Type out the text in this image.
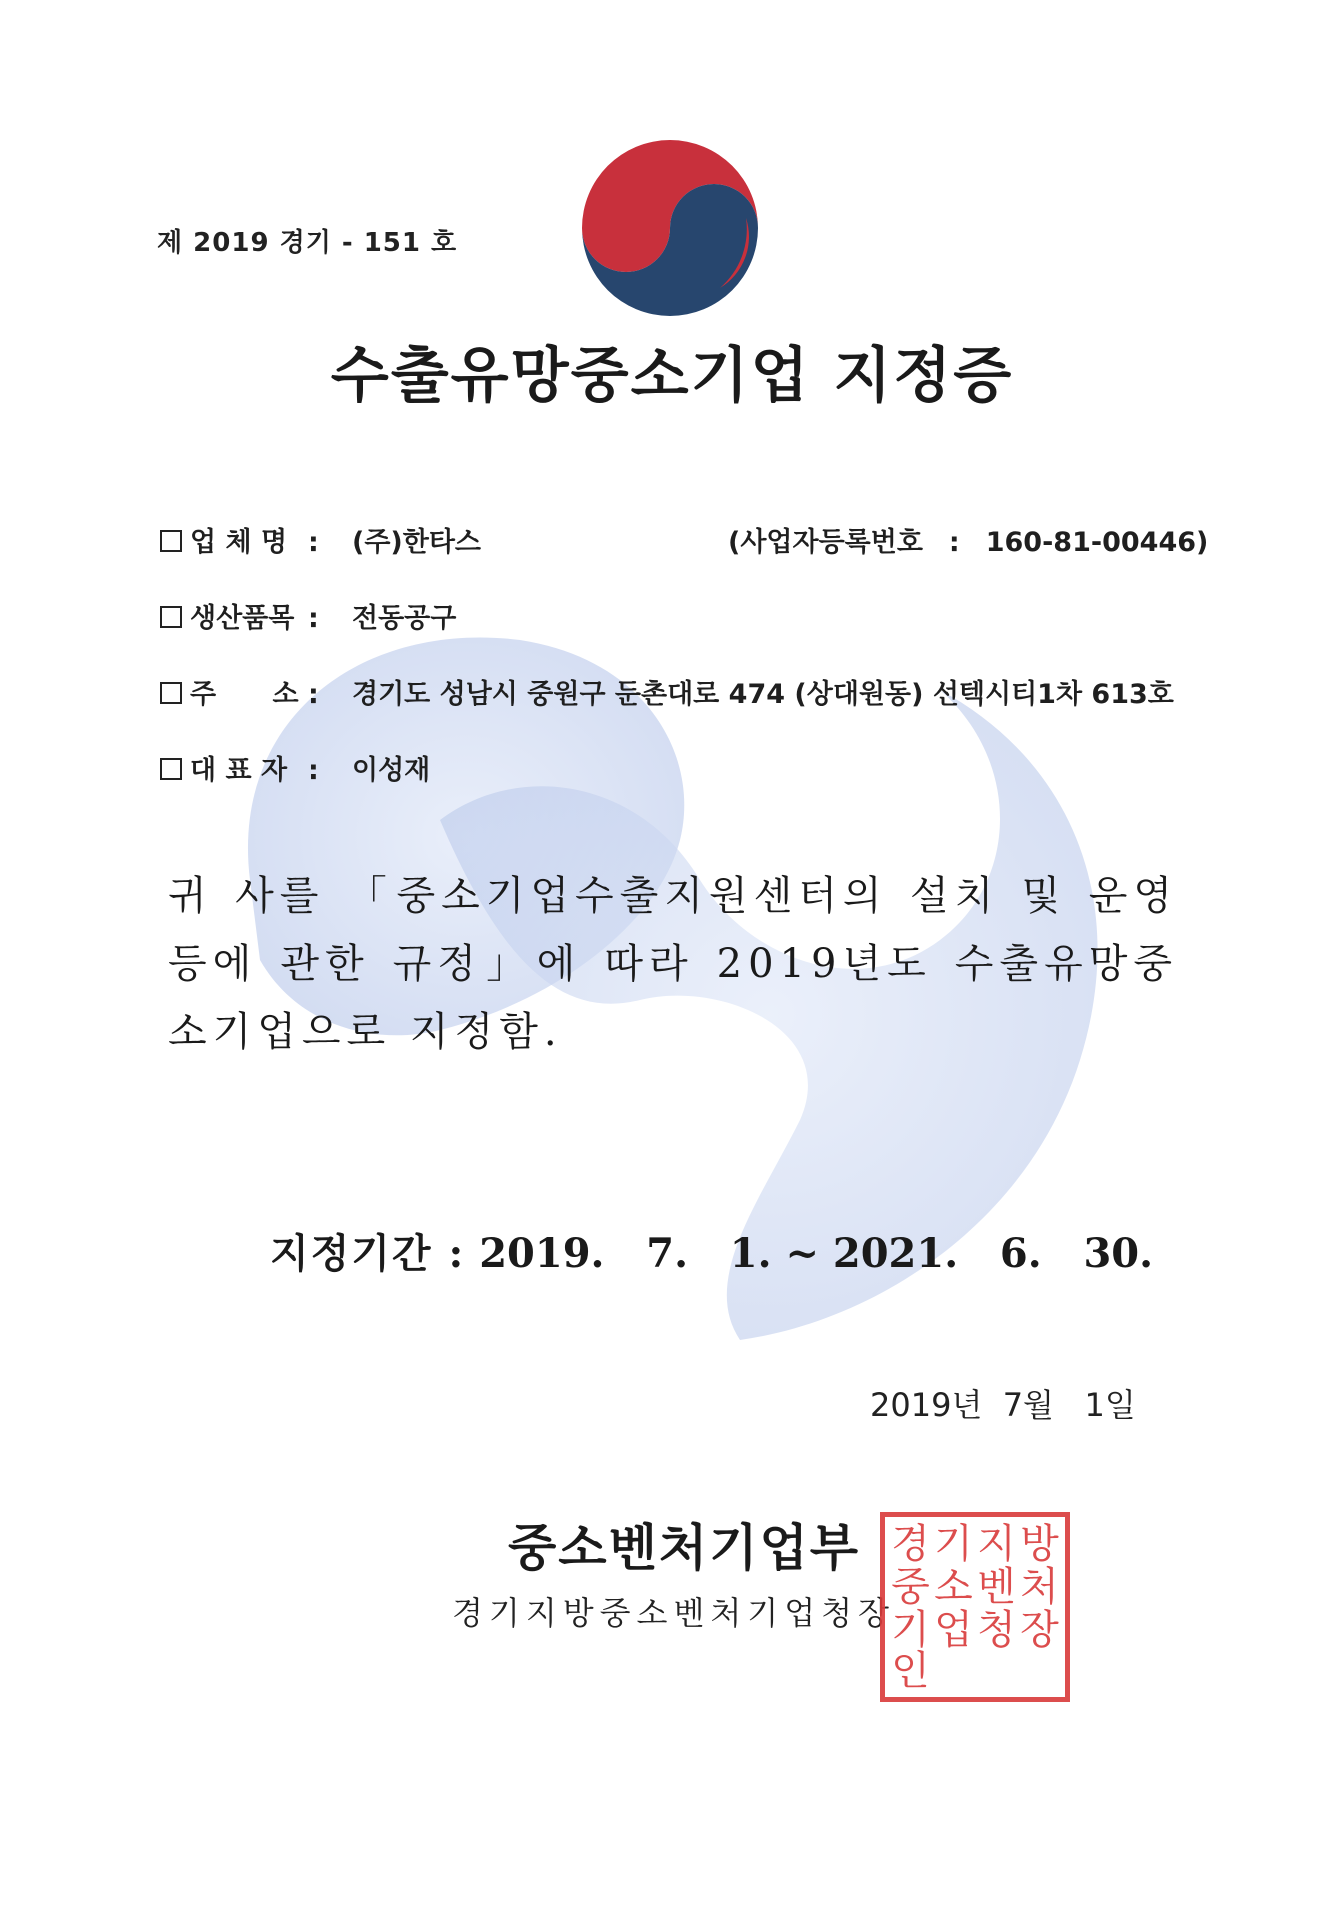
제 2019 경기 - 151 호
수출유망중소기업 지정증
업 체 명 : (주)한타스	(사업자등록번호 : 160-81-00446)
생산품목 : 전동공구
주      소 : 경기도 성남시 중원구 둔촌대로 474 (상대원동) 선텍시티1차 613호
대 표 자 : 이성재
귀 사를 「중소기업수출지원센터의 설치 및 운영 등에 관한 규정」에 따라 2019년도 수출유망중소기업으로 지정함.
지정기간 : 2019.   7.   1. ~ 2021.   6.   30.
2019년  7월   1일
중소벤처기업부
경기지방중소벤처기업청장
경 기 지 방
중 소 벤 처
기 업 청 장
인
